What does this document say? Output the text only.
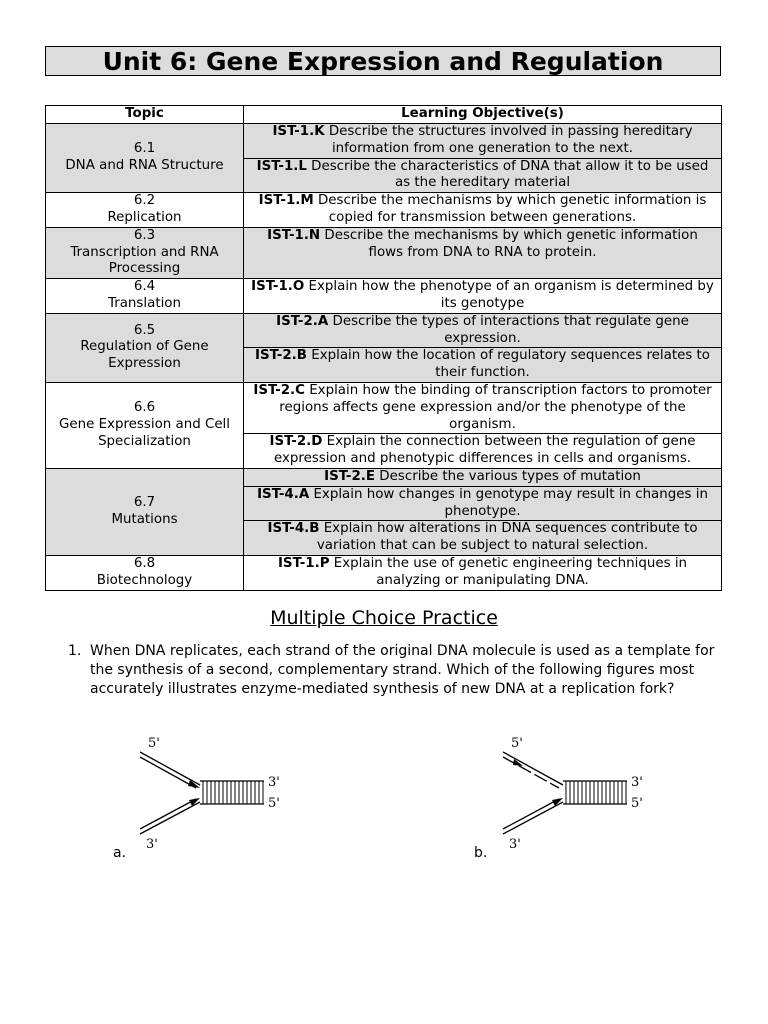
Unit 6: Gene Expression and Regulation
Topic	Learning Objective(s)

6.1
DNA and RNA Structure	IST-1.K Describe the structures involved in passing hereditary information from one generation to the next.
	IST-1.L Describe the characteristics of DNA that allow it to be used as the hereditary material

6.2
Replication	IST-1.M Describe the mechanisms by which genetic information is copied for transmission between generations.

6.3
Transcription and RNA Processing	IST-1.N Describe the mechanisms by which genetic information flows from DNA to RNA to protein.

6.4
Translation	IST-1.O Explain how the phenotype of an organism is determined by its genotype

6.5
Regulation of Gene Expression	IST-2.A Describe the types of interactions that regulate gene expression.
	IST-2.B Explain how the location of regulatory sequences relates to their function.

6.6
Gene Expression and Cell Specialization	IST-2.C Explain how the binding of transcription factors to promoter regions affects gene expression and/or the phenotype of the organism.
	IST-2.D Explain the connection between the regulation of gene expression and phenotypic differences in cells and organisms.

6.7
Mutations	IST-2.E Describe the various types of mutation
	IST-4.A Explain how changes in genotype may result in changes in phenotype.
	IST-4.B Explain how alterations in DNA sequences contribute to variation that can be subject to natural selection.

6.8
Biotechnology	IST-1.P Explain the use of genetic engineering techniques in analyzing or manipulating DNA.
Multiple Choice Practice
1. When DNA replicates, each strand of the original DNA molecule is used as a template for the synthesis of a second, complementary strand. Which of the following figures most accurately illustrates enzyme-mediated synthesis of new DNA at a replication fork?
5'
3'
5'
3'
a.
5'
3'
5'
3'
b.
